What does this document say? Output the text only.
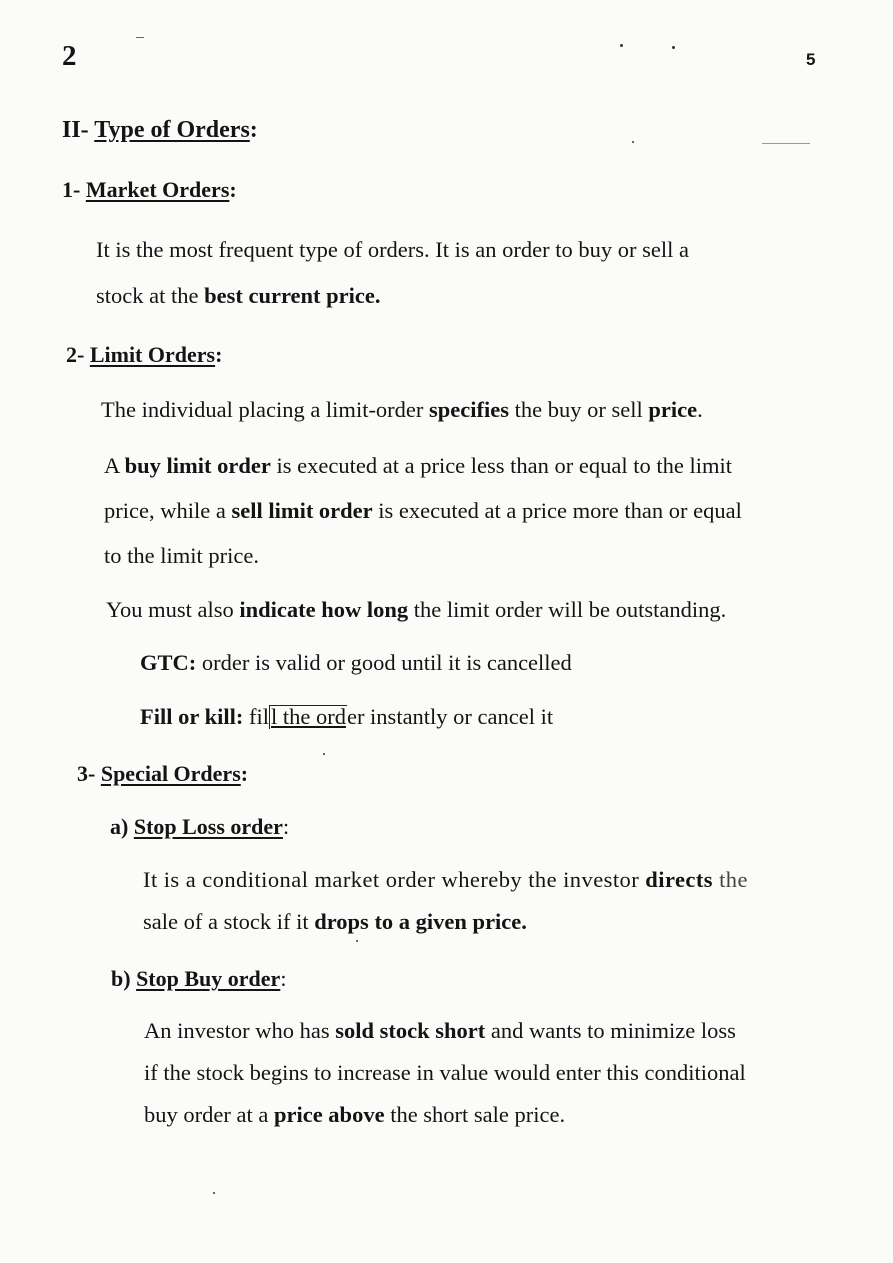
2	5
II- Type of Orders:
1- Market Orders:
It is the most frequent type of orders. It is an order to buy or sell a
stock at the best current price.
2- Limit Orders:
The individual placing a limit-order specifies the buy or sell price.
A buy limit order is executed at a price less than or equal to the limit
price, while a sell limit order is executed at a price more than or equal
to the limit price.
You must also indicate how long the limit order will be outstanding.
GTC: order is valid or good until it is cancelled
Fill or kill: fill the order instantly or cancel it
3- Special Orders:
a) Stop Loss order:
It is a conditional market order whereby the investor directs the
sale of a stock if it drops to a given price.
b) Stop Buy order:
An investor who has sold stock short and wants to minimize loss
if the stock begins to increase in value would enter this conditional
buy order at a price above the short sale price.
